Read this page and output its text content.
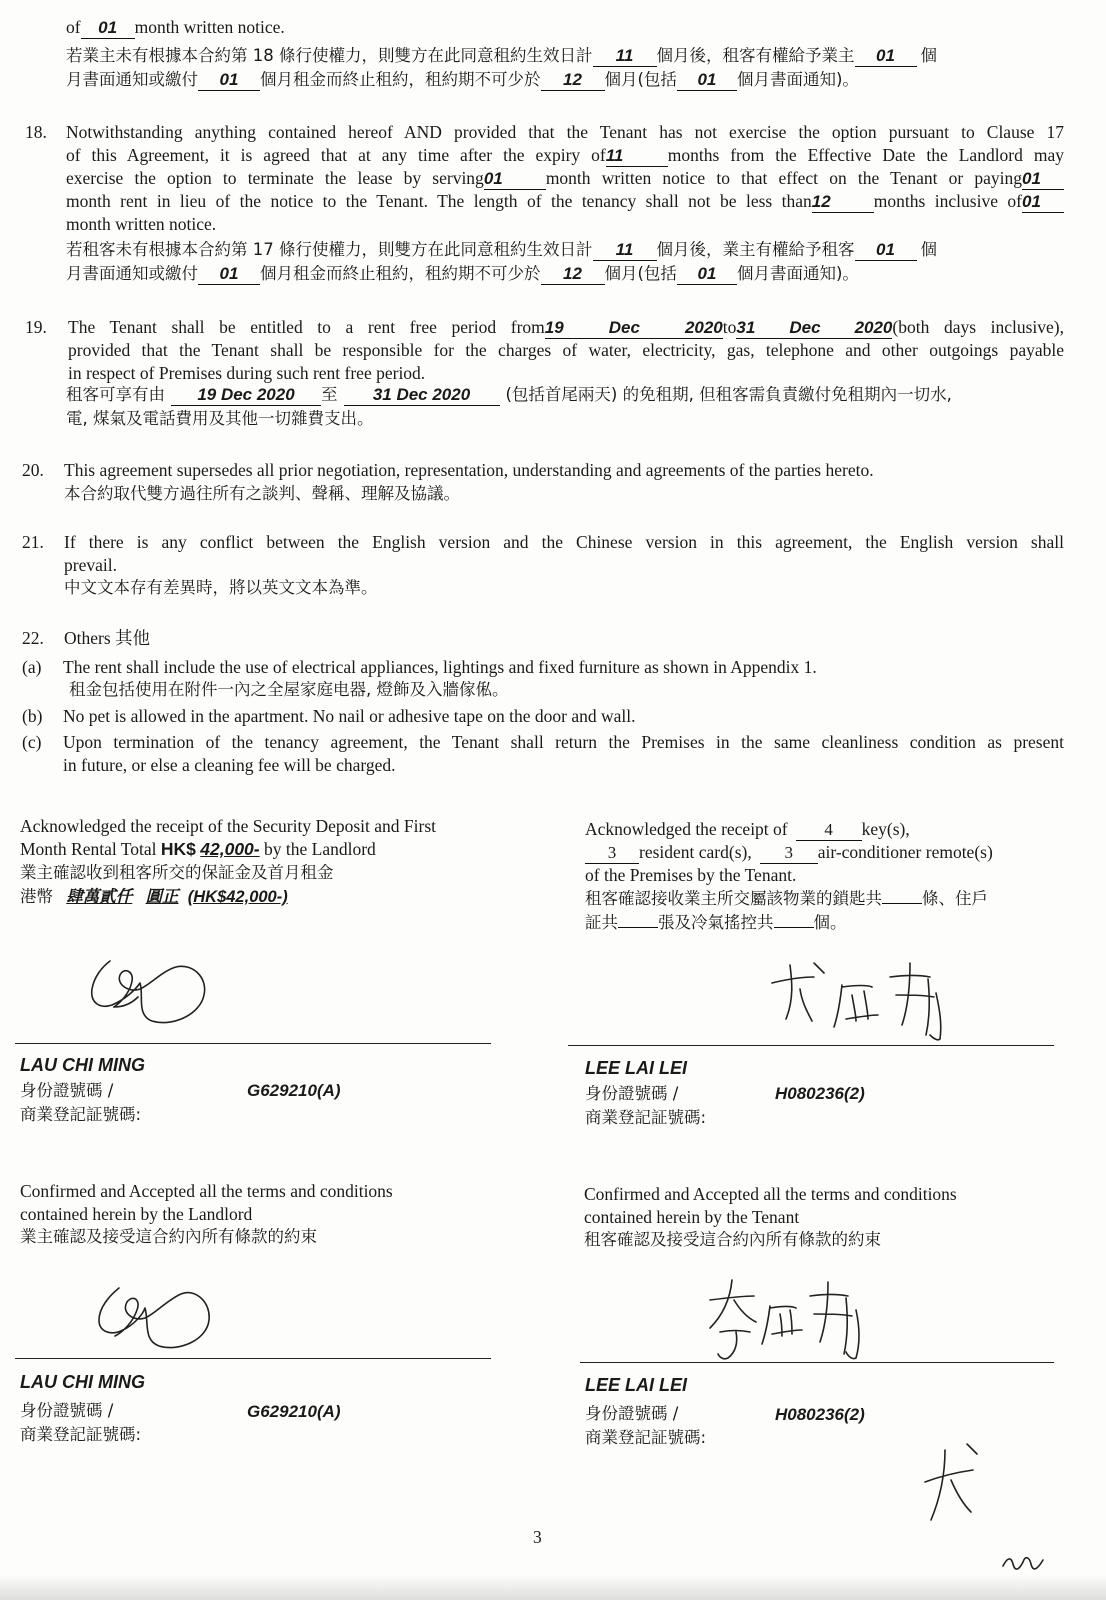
of 01 month written notice.
若業主未有根據本合約第 18 條行使權力，則雙方在此同意租約生效日計 11 個月後，租客有權給予業主 01 個
月書面通知或繳付 01 個月租金而終止租約，租約期不可少於 12 個月(包括 01 個月書面通知)。
18. Notwithstanding anything contained hereof AND provided that the Tenant has not exercise the option pursuant to Clause 17
of this Agreement, it is agreed that at any time after the expiry of11	months from the Effective Date the Landlord may
exercise the option to terminate the lease by serving01 month written notice to that effect on the Tenant or paying01
month rent in lieu of the notice to the Tenant. The length of the tenancy shall not be less than12 months inclusive of01
month written notice.
若租客未有根據本合約第 17 條行使權力，則雙方在此同意租約生效日計 11 個月後，業主有權給予租客 01 個
月書面通知或繳付 01 個月租金而終止租約，租約期不可少於 12 個月(包括 01 個月書面通知)。
19. The Tenant shall be entitled to a rent free period from19 Dec 2020to31 Dec 2020(both days inclusive),
provided that the Tenant shall be responsible for the charges of water, electricity, gas, telephone and other outgoings payable
in respect of Premises during such rent free period.
租客可享有由 19 Dec 2020 至 31 Dec 2020 (包括首尾兩天) 的免租期, 但租客需負責繳付免租期內一切水,
電, 煤氣及電話費用及其他一切雜費支出。
20. This agreement supersedes all prior negotiation, representation, understanding and agreements of the parties hereto.
本合約取代雙方過往所有之談判、聲稱、理解及協議。
21. If there is any conflict between the English version and the Chinese version in this agreement, the English version shall
prevail.
中文文本存有差異時，將以英文文本為準。
22. Others 其他
(a) The rent shall include the use of electrical appliances, lightings and fixed furniture as shown in Appendix 1.
租金包括使用在附件一內之全屋家庭电器, 燈飾及入牆傢俬。
(b) No pet is allowed in the apartment. No nail or adhesive tape on the door and wall.
(c) Upon termination of the tenancy agreement, the Tenant shall return the Premises in the same cleanliness condition as present
in future, or else a cleaning fee will be charged.
Acknowledged the receipt of the Security Deposit and First
Month Rental Total HK$ 42,000- by the Landlord
業主確認收到租客所交的保証金及首月租金
港幣 肆萬貳仟 圓正 (HK$42,000-)
Acknowledged the receipt of 4 key(s),
3 resident card(s), 3 air-conditioner remote(s)
of the Premises by the Tenant.
租客確認接收業主所交屬該物業的鎖匙共 條、住戶
証共 張及冷氣搖控共 個。
LAU CHI MING
身份證號碼 /	G629210(A)
商業登記証號碼:
LEE LAI LEI
身份證號碼 /	H080236(2)
商業登記証號碼:
Confirmed and Accepted all the terms and conditions
contained herein by the Landlord
業主確認及接受這合約內所有條款的約束
Confirmed and Accepted all the terms and conditions
contained herein by the Tenant
租客確認及接受這合約內所有條款的約束
LAU CHI MING
身份證號碼 /	G629210(A)
商業登記証號碼:
LEE LAI LEI
身份證號碼 /	H080236(2)
商業登記証號碼:
3
